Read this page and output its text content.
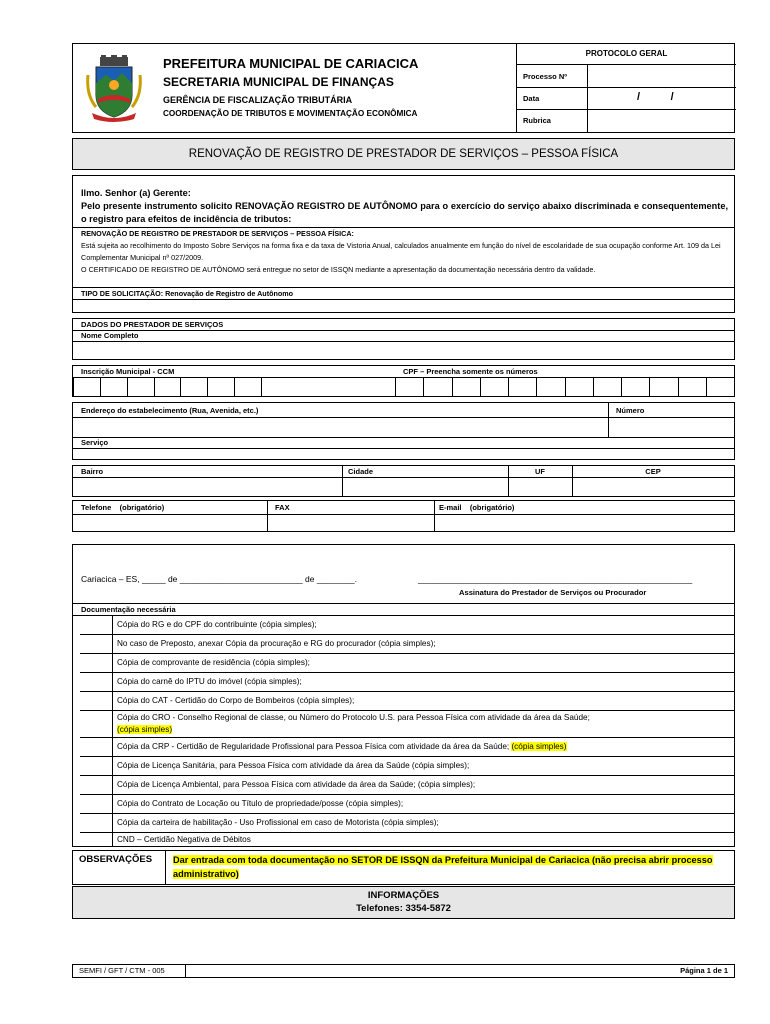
PREFEITURA MUNICIPAL DE CARIACICA
SECRETARIA MUNICIPAL DE FINANÇAS
GERÊNCIA DE FISCALIZAÇÃO TRIBUTÁRIA
COORDENAÇÃO DE TRIBUTOS E MOVIMENTAÇÃO ECONÔMICA
PROTOCOLO GERAL
Processo Nº
Data	/          /
Rubrica
RENOVAÇÃO DE REGISTRO DE PRESTADOR DE SERVIÇOS – PESSOA FÍSICA
Ilmo. Senhor (a) Gerente:
Pelo presente instrumento solicito RENOVAÇÃO REGISTRO DE AUTÔNOMO para o exercício do serviço abaixo discriminada e consequentemente, o registro para efeitos de incidência de tributos:
RENOVAÇÃO DE REGISTRO DE PRESTADOR DE SERVIÇOS – PESSOA FÍSICA:
Está sujeita ao recolhimento do Imposto Sobre Serviços na forma fixa e da taxa de Vistoria Anual, calculados anualmente em função do nível de escolaridade de sua ocupação conforme Art. 109 da Lei Complementar Municipal nº 027/2009.
O CERTIFICADO DE REGISTRO DE AUTÔNOMO será entregue no setor de ISSQN mediante a apresentação da documentação necessária dentro da validade.
TIPO DE SOLICITAÇÃO: Renovação de Registro de Autônomo
DADOS DO PRESTADOR DE SERVIÇOS
Nome Completo
Inscrição Municipal - CCM	CPF – Preencha somente os números
Endereço do estabelecimento (Rua, Avenida, etc.)	Número
Serviço
Bairro	Cidade	UF	CEP
Telefone    (obrigatório)	FAX	E-mail    (obrigatório)
Cariacica – ES, _____ de __________________________ de ________.	__________________________________________________________
Assinatura do Prestador de Serviços ou Procurador
Documentação necessária
Cópia do RG e do CPF do contribuinte (cópia simples);
No caso de Preposto, anexar Cópia da procuração e RG do procurador (cópia simples);
Cópia de comprovante de residência (cópia simples);
Cópia do carnê do IPTU do imóvel (cópia simples);
Cópia do CAT - Certidão do Corpo de Bombeiros (cópia simples);
Cópia do CRO - Conselho Regional de classe, ou Número do Protocolo U.S. para Pessoa Física com atividade da área da Saúde;
(cópia simples)
Cópia da CRP - Certidão de Regularidade Profissional para Pessoa Física com atividade da área da Saúde; (cópia simples)
Cópia de Licença Sanitária, para Pessoa Física com atividade da área da Saúde (cópia simples);
Cópia de Licença Ambiental, para Pessoa Física com atividade da área da Saúde; (cópia simples);
Cópia do Contrato de Locação ou Título de propriedade/posse (cópia simples);
Cópia da carteira de habilitação - Uso Profissional em caso de Motorista (cópia simples);
CND – Certidão Negativa de Débitos
OBSERVAÇÕES Dar entrada com toda documentação no SETOR DE ISSQN da Prefeitura Municipal de Cariacica (não precisa abrir processo administrativo)
INFORMAÇÕES
Telefones: 3354-5872
SEMFI / GFT / CTM - 005	Página 1 de 1
